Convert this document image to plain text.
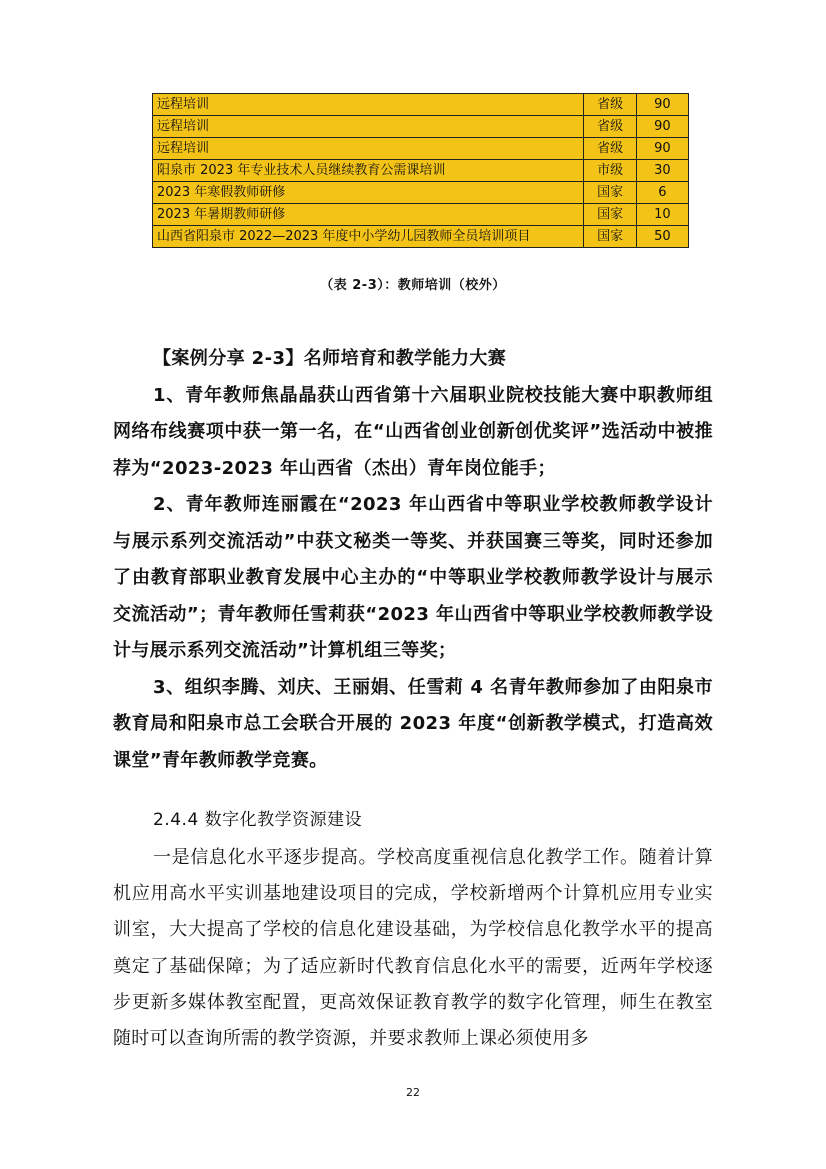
远程培训	省级	90
远程培训	省级	90
远程培训	省级	90
阳泉市 2023 年专业技术人员继续教育公需课培训	市级	30
2023 年寒假教师研修	国家	6
2023 年暑期教师研修	国家	10
山西省阳泉市 2022—2023 年度中小学幼儿园教师全员培训项目	国家	50
（表 2-3）：教师培训（校外）

【案例分享 2-3】名师培育和教学能力大赛

1、青年教师焦晶晶获山西省第十六届职业院校技能大赛中职教师组网络布线赛项中获一第一名，在“山西省创业创新创优奖评”选活动中被推荐为“2023-2023 年山西省（杰出）青年岗位能手；

2、青年教师连丽霞在“2023 年山西省中等职业学校教师教学设计与展示系列交流活动”中获文秘类一等奖、并获国赛三等奖，同时还参加了由教育部职业教育发展中心主办的“中等职业学校教师教学设计与展示交流活动”；青年教师任雪莉获“2023 年山西省中等职业学校教师教学设计与展示系列交流活动”计算机组三等奖；

3、组织李腾、刘庆、王丽娟、任雪莉 4 名青年教师参加了由阳泉市教育局和阳泉市总工会联合开展的 2023 年度“创新教学模式，打造高效课堂”青年教师教学竞赛。

2.4.4 数字化教学资源建设

一是信息化水平逐步提高。学校高度重视信息化教学工作。随着计算机应用高水平实训基地建设项目的完成，学校新增两个计算机应用专业实训室，大大提高了学校的信息化建设基础，为学校信息化教学水平的提高奠定了基础保障；为了适应新时代教育信息化水平的需要，近两年学校逐步更新多媒体教室配置，更高效保证教育教学的数字化管理，师生在教室随时可以查询所需的教学资源，并要求教师上课必须使用多

22
